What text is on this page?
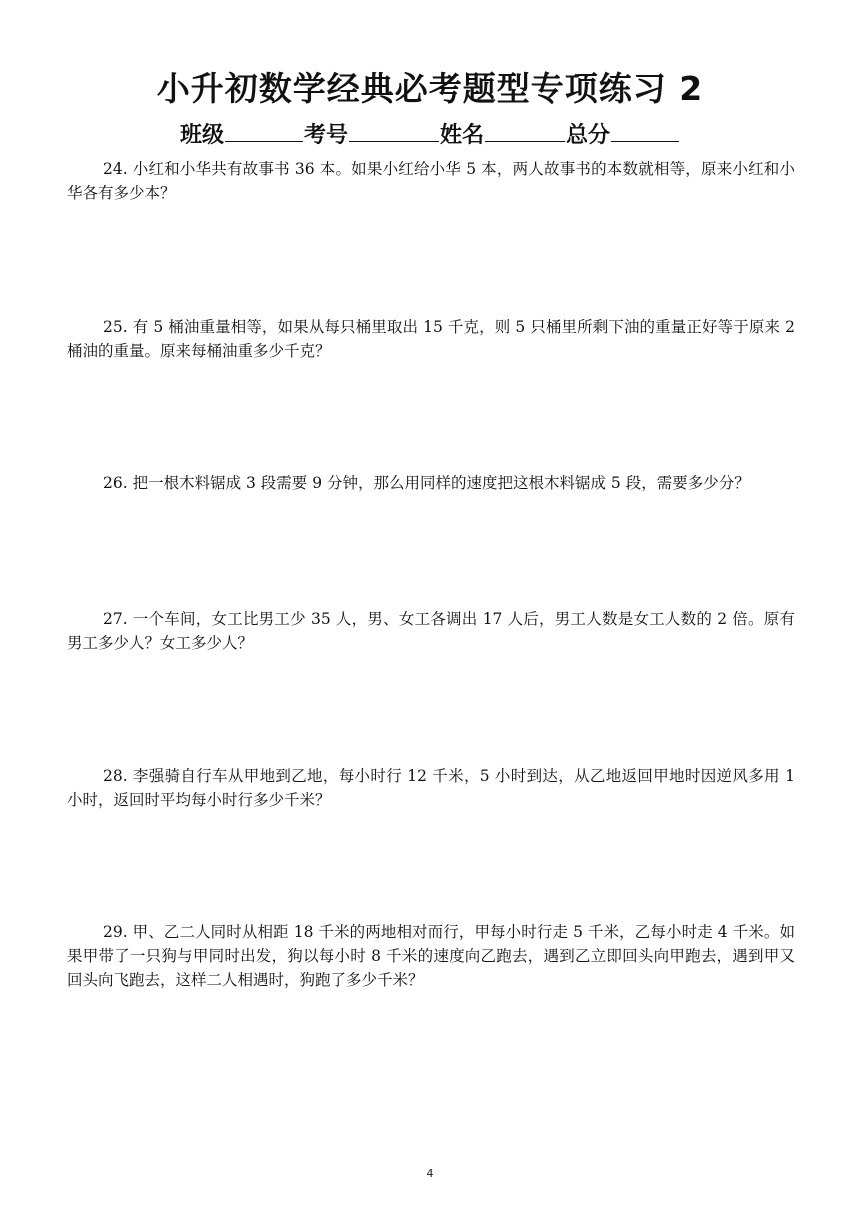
小升初数学经典必考题型专项练习 2
班级	考号	姓名	总分

24. 小红和小华共有故事书 36 本。如果小红给小华 5 本，两人故事书的本数就相等，原来小红和小华各有多少本？

25. 有 5 桶油重量相等，如果从每只桶里取出 15 千克，则 5 只桶里所剩下油的重量正好等于原来 2 桶油的重量。原来每桶油重多少千克？

26. 把一根木料锯成 3 段需要 9 分钟，那么用同样的速度把这根木料锯成 5 段，需要多少分？

27. 一个车间，女工比男工少 35 人，男、女工各调出 17 人后，男工人数是女工人数的 2 倍。原有男工多少人？女工多少人？

28. 李强骑自行车从甲地到乙地，每小时行 12 千米，5 小时到达，从乙地返回甲地时因逆风多用 1 小时，返回时平均每小时行多少千米？

29. 甲、乙二人同时从相距 18 千米的两地相对而行，甲每小时行走 5 千米，乙每小时走 4 千米。如果甲带了一只狗与甲同时出发，狗以每小时 8 千米的速度向乙跑去，遇到乙立即回头向甲跑去，遇到甲又回头向飞跑去，这样二人相遇时，狗跑了多少千米？

4
